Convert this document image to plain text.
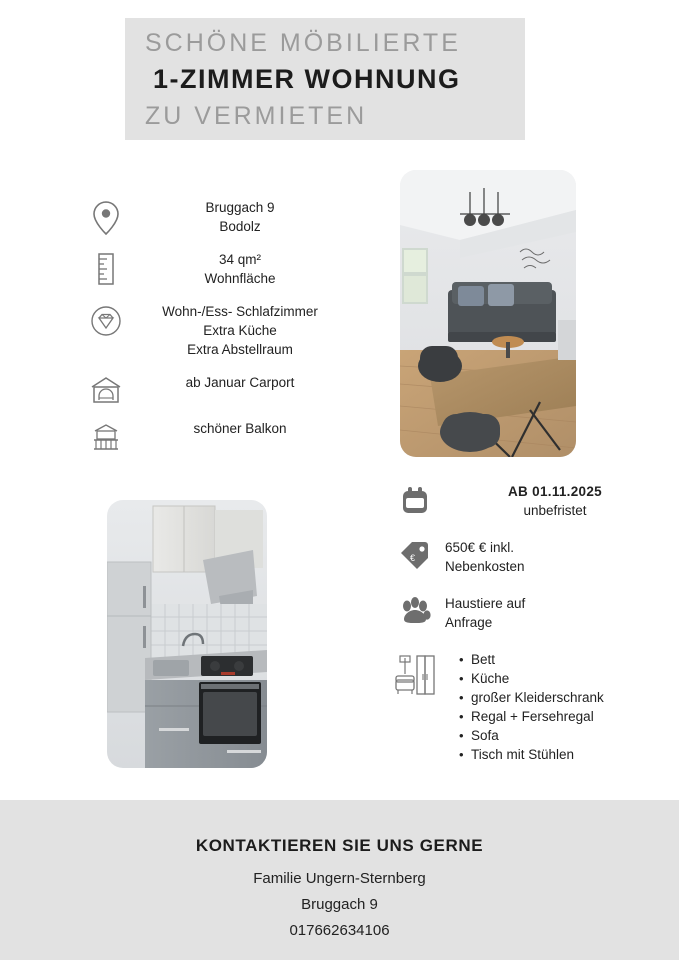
SCHÖNE MÖBILIERTE
1-ZIMMER WOHNUNG
ZU VERMIETEN
Bruggach 9
Bodolz
34 qm²
Wohnfläche
Wohn-/Ess- Schlafzimmer
Extra Küche
Extra Abstellraum
ab Januar Carport
schöner Balkon
AB 01.11.2025
unbefristet
€
650€ € inkl.
Nebenkosten
Haustiere auf
Anfrage
• Bett
• Küche
• großer Kleiderschrank
• Regal + Fersehregal
• Sofa
• Tisch mit Stühlen
KONTAKTIEREN SIE UNS GERNE
Familie Ungern-Sternberg
Bruggach 9
017662634106
